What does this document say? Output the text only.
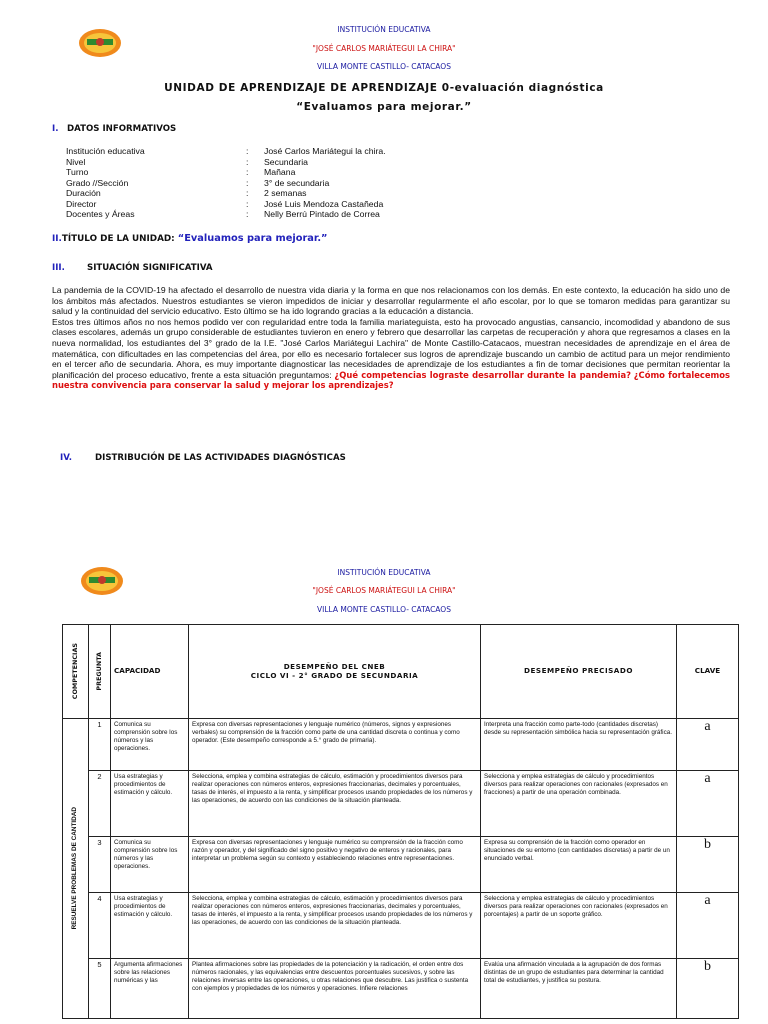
INSTITUCIÓN EDUCATIVA
"JOSÉ CARLOS MARIÁTEGUI LA CHIRA"
VILLA MONTE CASTILLO- CATACAOS
UNIDAD DE APRENDIZAJE DE APRENDIZAJE 0-evaluación diagnóstica
“Evaluamos para mejorar.”
I. DATOS INFORMATIVOS
Institución educativa	:	José Carlos Mariátegui la chira.
Nivel	:	Secundaria
Turno	:	Mañana
Grado //Sección	:	3° de secundaria
Duración	:	2 semanas
Director	:	José Luis Mendoza Castañeda
Docentes y Áreas	:	Nelly Berrú Pintado de Correa
II.TÍTULO DE LA UNIDAD: “Evaluamos para mejorar.”
III.	SITUACIÓN SIGNIFICATIVA
La pandemia de la COVID-19 ha afectado el desarrollo de nuestra vida diaria y la forma en que nos relacionamos con los demás. En este contexto, la educación ha sido uno de los ámbitos más afectados. Nuestros estudiantes se vieron impedidos de iniciar y desarrollar regularmente el año escolar, por lo que se tomaron medidas para garantizar su salud y la continuidad del servicio educativo. Esto último se ha ido logrando gracias a la educación a distancia.
Estos tres últimos años no nos hemos podido ver con regularidad entre toda la familia mariateguista, esto ha provocado angustias, cansancio, incomodidad y abandono de sus clases escolares, además un grupo considerable de estudiantes tuvieron en enero y febrero que desarrollar las carpetas de recuperación y ahora que regresamos a clases en la nueva normalidad, los estudiantes del 3° grado de la I.E. "José Carlos Mariátegui Lachira" de Monte Castillo-Catacaos, muestran necesidades de aprendizaje en el área de matemática, con dificultades en las competencias del área, por ello es necesario fortalecer sus logros de aprendizaje buscando un cambio de actitud para un mejor rendimiento en el tercer año de secundaria. Ahora, es muy importante diagnosticar las necesidades de aprendizaje de los estudiantes a fin de tomar decisiones que permitan reorientar la planificación del proceso educativo, frente a esta situación preguntamos: ¿Qué competencias lograste desarrollar durante la pandemia? ¿Cómo fortalecemos nuestra convivencia para conservar la salud y mejorar los aprendizajes?
IV.	DISTRIBUCIÓN DE LAS ACTIVIDADES DIAGNÓSTICAS
INSTITUCIÓN EDUCATIVA
"JOSÉ CARLOS MARIÁTEGUI LA CHIRA"
VILLA MONTE CASTILLO- CATACAOS
COMPETENCIAS	PREGUNTA	CAPACIDAD	DESEMPEÑO DEL CNEB
CICLO VI - 2° GRADO DE SECUNDARIA	DESEMPEÑO PRECISADO	CLAVE

RESUELVE PROBLEMAS DE CANTIDAD	1	Comunica su comprensión sobre los números y las operaciones.	Expresa con diversas representaciones y lenguaje numérico (números, signos y expresiones verbales) su comprensión de la fracción como parte de una cantidad discreta o continua y como operador. (Este desempeño corresponde a 5.° grado de primaria).	Interpreta una fracción como parte-todo (cantidades discretas) desde su representación simbólica hacia su representación gráfica.	a
	2	Usa estrategias y procedimientos de estimación y cálculo.	Selecciona, emplea y combina estrategias de cálculo, estimación y procedimientos diversos para realizar operaciones con números enteros, expresiones fraccionarias, decimales y porcentuales, tasas de interés, el impuesto a la renta, y simplificar procesos usando propiedades de los números y las operaciones, de acuerdo con las condiciones de la situación planteada.	Selecciona y emplea estrategias de cálculo y procedimientos diversos para realizar operaciones con racionales (expresados en fracciones) a partir de una operación combinada.	a
	3	Comunica su comprensión sobre los números y las operaciones.	Expresa con diversas representaciones y lenguaje numérico su comprensión de la fracción como razón y operador, y del significado del signo positivo y negativo de enteros y racionales, para interpretar un problema según su contexto y estableciendo relaciones entre representaciones.	Expresa su comprensión de la fracción como operador en situaciones de su entorno (con cantidades discretas) a partir de un enunciado verbal.	b
	4	Usa estrategias y procedimientos de estimación y cálculo.	Selecciona, emplea y combina estrategias de cálculo, estimación y procedimientos diversos para realizar operaciones con números enteros, expresiones fraccionarias, decimales y porcentuales, tasas de interés, el impuesto a la renta, y simplificar procesos usando propiedades de los números y las operaciones, de acuerdo con las condiciones de la situación planteada.	Selecciona y emplea estrategias de cálculo y procedimientos diversos para realizar operaciones con racionales (expresados en porcentajes) a partir de un soporte gráfico.	a
	5	Argumenta afirmaciones sobre las relaciones numéricas y las	Plantea afirmaciones sobre las propiedades de la potenciación y la radicación, el orden entre dos números racionales, y las equivalencias entre descuentos porcentuales sucesivos, y sobre las relaciones inversas entre las operaciones, u otras relaciones que descubre. Las justifica o sustenta con ejemplos y propiedades de los números y operaciones. Infiere relaciones	Evalúa una afirmación vinculada a la agrupación de dos formas distintas de un grupo de estudiantes para determinar la cantidad total de estudiantes, y justifica su postura.	b
